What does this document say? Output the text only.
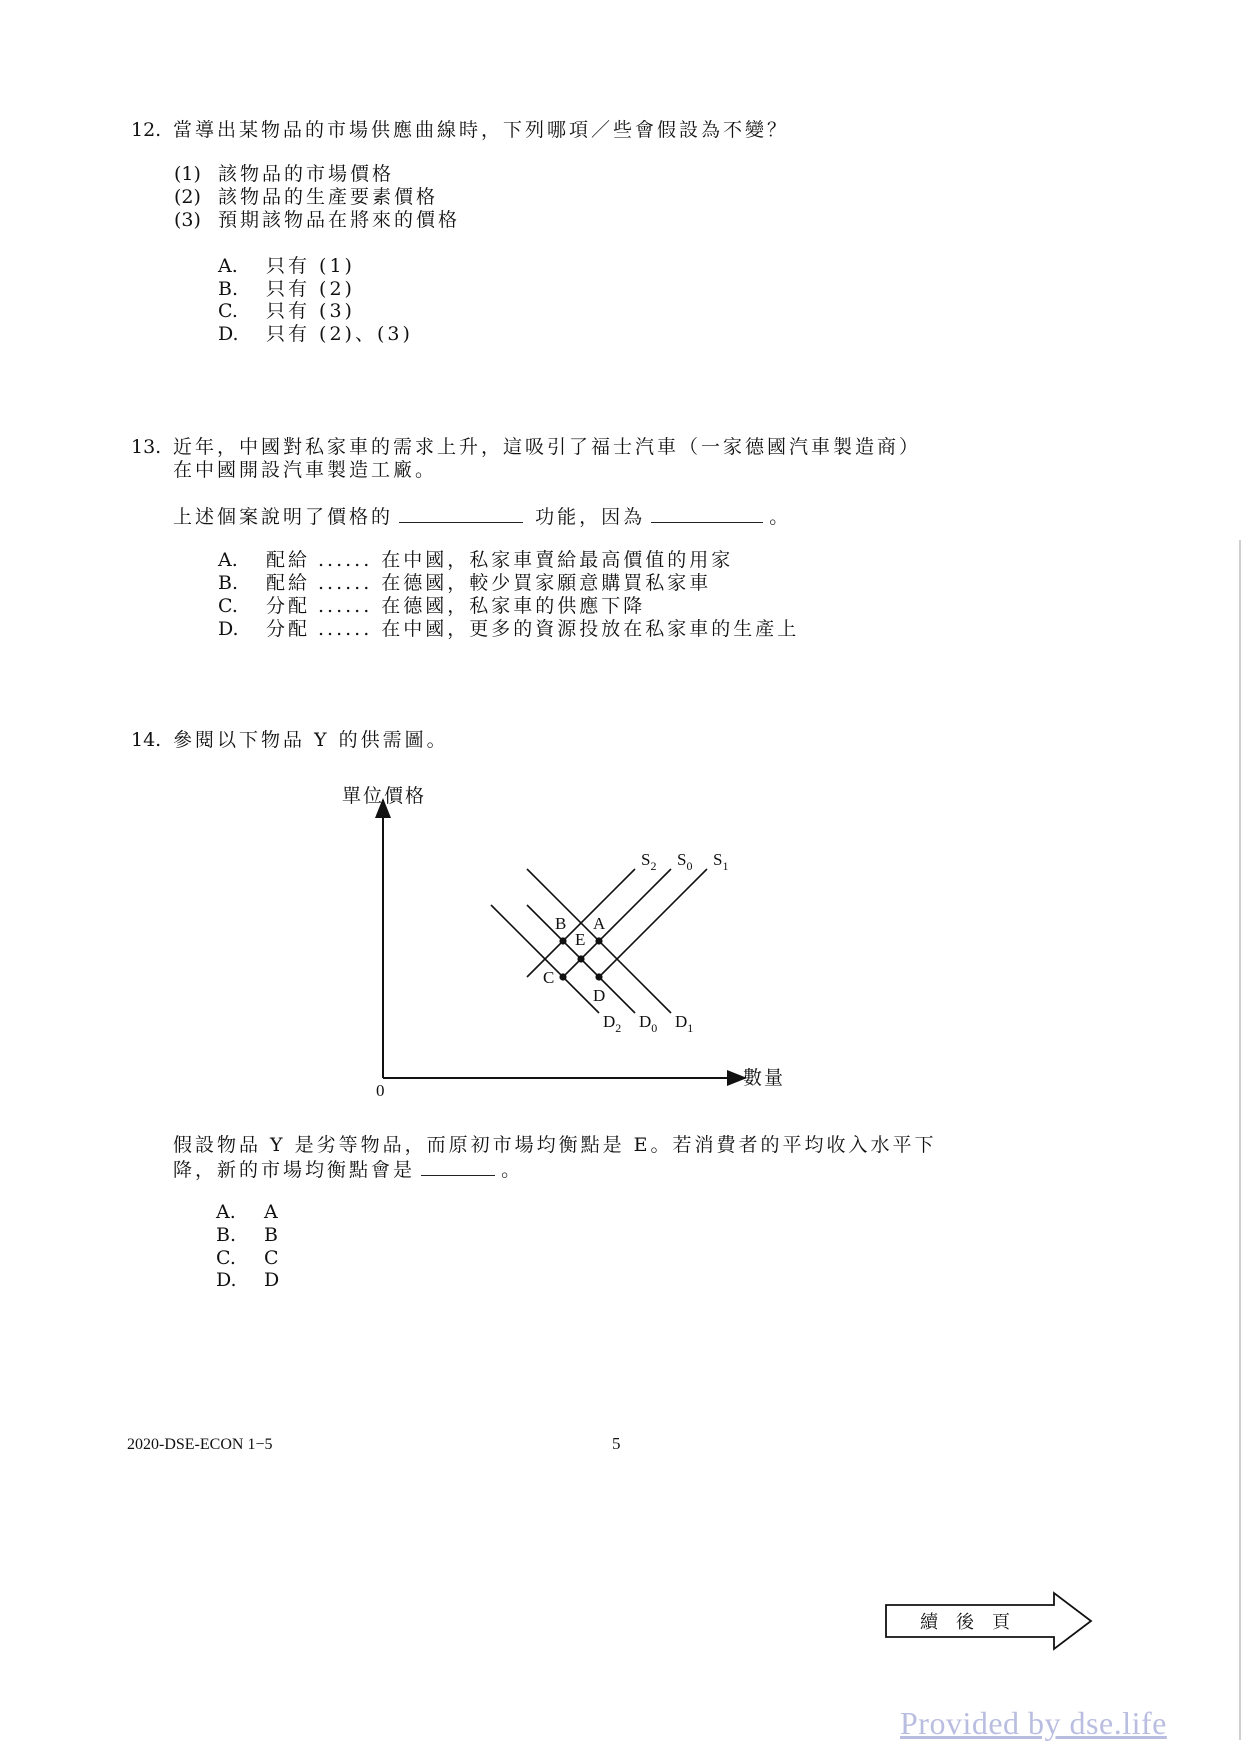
12. 當導出某物品的市場供應曲線時，下列哪項／些會假設為不變？
(1) 該物品的市場價格
(2) 該物品的生產要素價格
(3) 預期該物品在將來的價格
A. 只有 (1)
B. 只有 (2)
C. 只有 (3)
D. 只有 (2)、(3)
13. 近年，中國對私家車的需求上升，這吸引了福士汽車（一家德國汽車製造商）
在中國開設汽車製造工廠。
上述個案說明了價格的	功能，因為	。
A. 配給 ...... 在中國，私家車賣給最高價值的用家
B. 配給 ...... 在德國，較少買家願意購買私家車
C. 分配 ...... 在德國，私家車的供應下降
D. 分配 ...... 在中國，更多的資源投放在私家車的生產上
14. 參閱以下物品 Y 的供需圖。
單位價格
數量
0
$S_2$ $S_0$ $S_1$
$D_1$
$D_0$
$D_2$
B A
E
C
D
假設物品 Y 是劣等物品，而原初市場均衡點是 E。若消費者的平均收入水平下
降，新的市場均衡點會是	。
A. A
B. B
C. C
D. D
2020-DSE-ECON 1−5	5
續　後　頁
Provided by dse.life
